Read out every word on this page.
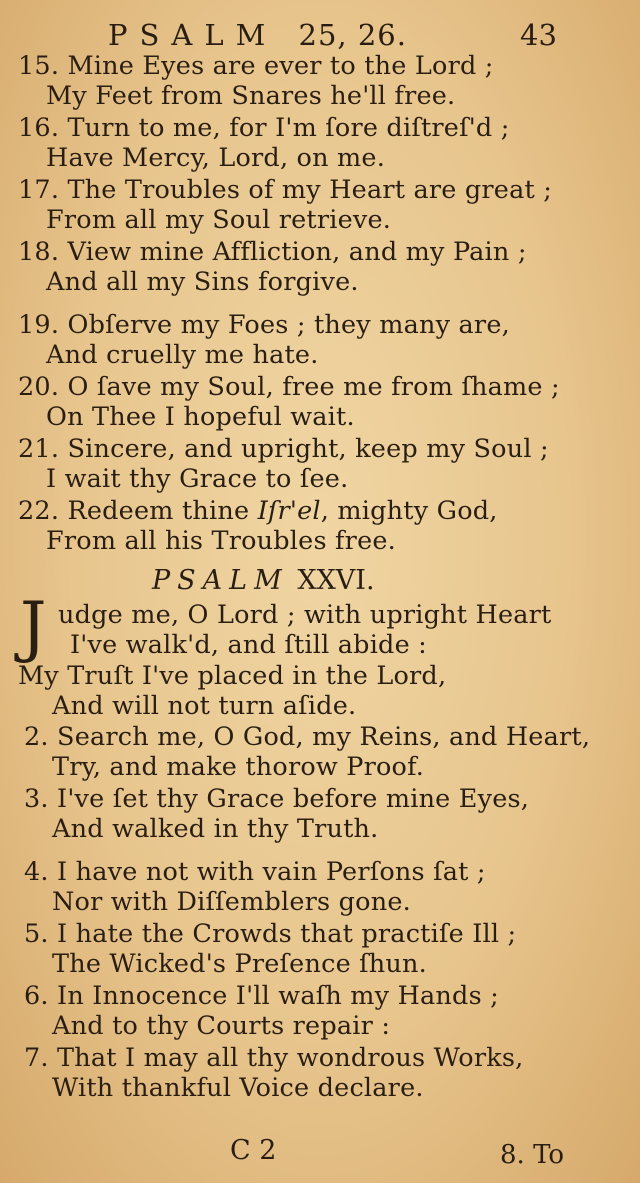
PSALM 25, 26.	43
15. Mine Eyes are ever to the Lord ;
My Feet from Snares he'll free.
16. Turn to me, for I'm ſore diſtreſ'd ;
Have Mercy, Lord, on me.
17. The Troubles of my Heart are great ;
From all my Soul retrieve.
18. View mine Affliction, and my Pain ;
And all my Sins forgive.
19. Obſerve my Foes ; they many are,
And cruelly me hate.
20. O ſave my Soul, free me from ſhame ;
On Thee I hopeful wait.
21. Sincere, and upright, keep my Soul ;
I wait thy Grace to ſee.
22. Redeem thine Iſr'el, mighty God,
From all his Troubles free.
PSALM XXVI.
J udge me, O Lord ; with upright Heart
I've walk'd, and ſtill abide :
My Truſt I've placed in the Lord,
And will not turn aſide.
2. Search me, O God, my Reins, and Heart,
Try, and make thorow Proof.
3. I've ſet thy Grace before mine Eyes,
And walked in thy Truth.
4. I have not with vain Perſons ſat ;
Nor with Diſſemblers gone.
5. I hate the Crowds that practiſe Ill ;
The Wicked's Preſence ſhun.
6. In Innocence I'll waſh my Hands ;
And to thy Courts repair :
7. That I may all thy wondrous Works,
With thankful Voice declare.
C 2	8. To
